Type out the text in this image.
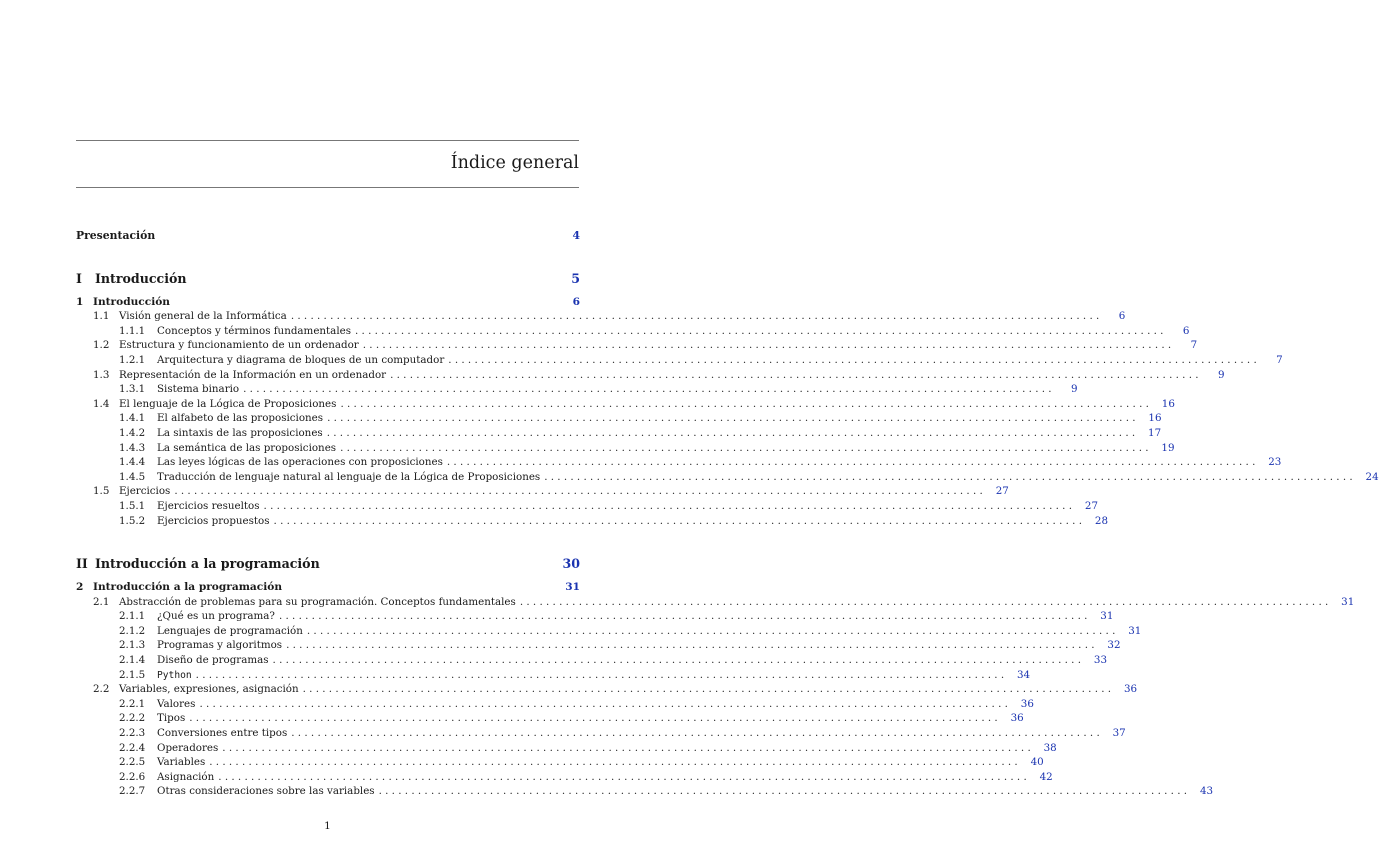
Índice general
Presentación	4
I	Introducción	5
1 Introducción	6
1.1 Visión general de la Informática . . .	6
1.1.1	Conceptos y términos fundamentales . . .	6
1.2 Estructura y funcionamiento de un ordenador . . .	7
1.2.1	Arquitectura y diagrama de bloques de un computador . . .	7
1.3 Representación de la Información en un ordenador . . .	9
1.3.1	Sistema binario . . .	9
1.4 El lenguaje de la Lógica de Proposiciones . . .	16
1.4.1	El alfabeto de las proposiciones . . .	16
1.4.2	La sintaxis de las proposiciones . . .	17
1.4.3	La semántica de las proposiciones . . .	19
1.4.4	Las leyes lógicas de las operaciones con proposiciones . . .	23
1.4.5	Traducción de lenguaje natural al lenguaje de la Lógica de Proposiciones . . .	24
1.5 Ejercicios . . .	27
1.5.1	Ejercicios resueltos . . .	27
1.5.2	Ejercicios propuestos . . .	28
II Introducción a la programación	30
2 Introducción a la programación	31
2.1 Abstracción de problemas para su programación. Conceptos fundamentales . . .	31
2.1.1	¿Qué es un programa? . . .	31
2.1.2	Lenguajes de programación . . .	31
2.1.3	Programas y algoritmos . . .	32
2.1.4	Diseño de programas . . .	33
2.1.5	Python . . .	34
2.2 Variables, expresiones, asignación . . .	36
2.2.1	Valores . . .	36
2.2.2	Tipos . . .	36
2.2.3	Conversiones entre tipos . . .	37
2.2.4	Operadores . . .	38
2.2.5	Variables . . .	40
2.2.6	Asignación . . .	42
2.2.7	Otras consideraciones sobre las variables . . .	43
1
